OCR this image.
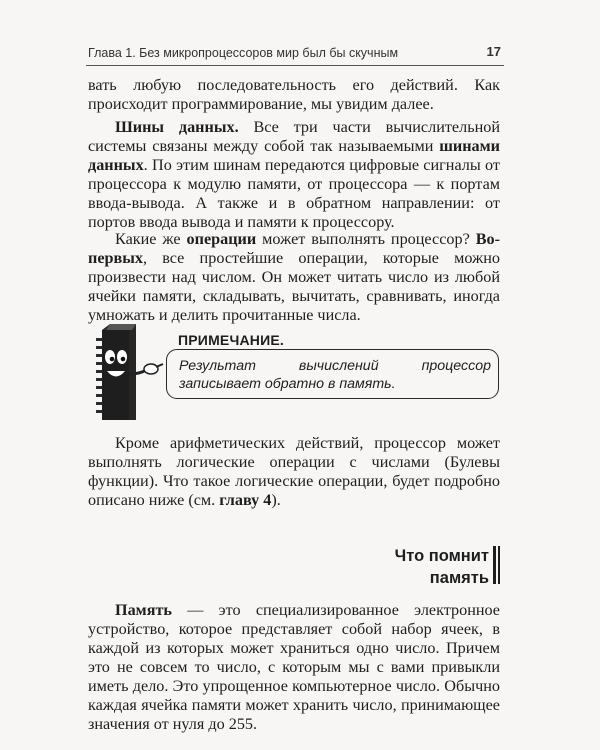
Глава 1. Без микропроцессоров мир был бы скучным	17

вать любую последовательность его действий. Как происходит программирование, мы увидим далее.

Шины данных. Все три части вычислительной системы связаны между собой так называемыми шинами данных. По этим шинам передаются цифровые сигналы от процессора к модулю памяти, от процессора — к портам ввода-вывода. А также и в обратном направлении: от портов ввода вывода и памяти к процессору.

Какие же операции может выполнять процессор? Во-первых, все простейшие операции, которые можно произвести над числом. Он может читать число из любой ячейки памяти, складывать, вычитать, сравнивать, иногда умножать и делить прочитанные числа.

ПРИМЕЧАНИЕ.
Результат вычислений процессор записывает обратно в память.

Кроме арифметических действий, процессор может выполнять логические операции с числами (Булевы функции). Что такое логические операции, будет подробно описано ниже (см. главу 4).

Что помнит
память

Память — это специализированное электронное устройство, которое представляет собой набор ячеек, в каждой из которых может храниться одно число. Причем это не совсем то число, с которым мы с вами привыкли иметь дело. Это упрощенное компьютерное число. Обычно каждая ячейка памяти может хранить число, принимающее значения от нуля до 255.
